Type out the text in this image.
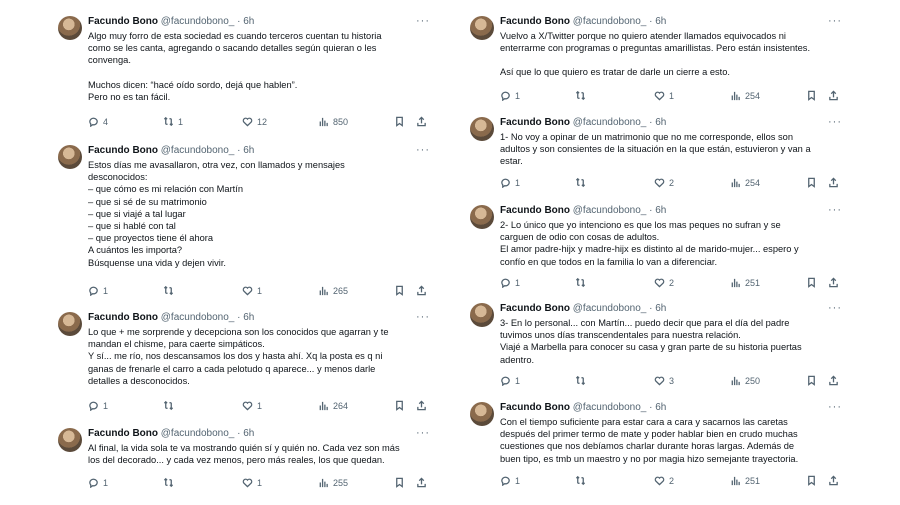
Facundo Bono @facundobono_ · 6h	···

Algo muy forro de esta sociedad es cuando terceros cuentan tu historia

como se les canta, agregando o sacando detalles según quieran o les

convenga.

Muchos dicen: “hacé oído sordo, dejá que hablen”.

Pero no es tan fácil.

4	1	12	850
Facundo Bono @facundobono_ · 6h	···

Estos días me avasallaron, otra vez, con llamados y mensajes

desconocidos:

– que cómo es mi relación con Martín

– que si sé de su matrimonio

– que si viajé a tal lugar

– que si hablé con tal

– que proyectos tiene él ahora

A cuántos les importa?

Búsquense una vida y dejen vivir.

1	1	265
Facundo Bono @facundobono_ · 6h	···

Lo que + me sorprende y decepciona son los conocidos que agarran y te

mandan el chisme, para caerte simpáticos.

Y sí... me río, nos descansamos los dos y hasta ahí. Xq la posta es q ni

ganas de frenarle el carro a cada pelotudo q aparece... y menos darle

detalles a desconocidos.

1	1	264
Facundo Bono @facundobono_ · 6h	···

Al final, la vida sola te va mostrando quién sí y quién no. Cada vez son más

los del decorado... y cada vez menos, pero más reales, los que quedan.

1	1	255
Facundo Bono @facundobono_ · 6h	···

Vuelvo a X/Twitter porque no quiero atender llamados equivocados ni

enterrarme con programas o preguntas amarillistas. Pero están insistentes.

Así que lo que quiero es tratar de darle un cierre a esto.

1	1	254
Facundo Bono @facundobono_ · 6h	···

1- No voy a opinar de un matrimonio que no me corresponde, ellos son

adultos y son consientes de la situación en la que están, estuvieron y van a

estar.

1	2	254
Facundo Bono @facundobono_ · 6h	···

2- Lo único que yo intenciono es que los mas peques no sufran y se

carguen de odio con cosas de adultos.

El amor padre-hijx y madre-hijx es distinto al de marido-mujer... espero y

confío en que todos en la familia lo van a diferenciar.

1	2	251
Facundo Bono @facundobono_ · 6h	···

3- En lo personal... con Martín... puedo decir que para el día del padre

tuvimos unos días transcendentales para nuestra relación.

Viajé a Marbella para conocer su casa y gran parte de su historia puertas

adentro.

1	3	250
Facundo Bono @facundobono_ · 6h	···

Con el tiempo suficiente para estar cara a cara y sacarnos las caretas

después del primer termo de mate y poder hablar bien en crudo muchas

cuestiones que nos debíamos charlar durante horas largas. Además de

buen tipo, es tmb un maestro y no por magia hizo semejante trayectoria.

1	2	251
